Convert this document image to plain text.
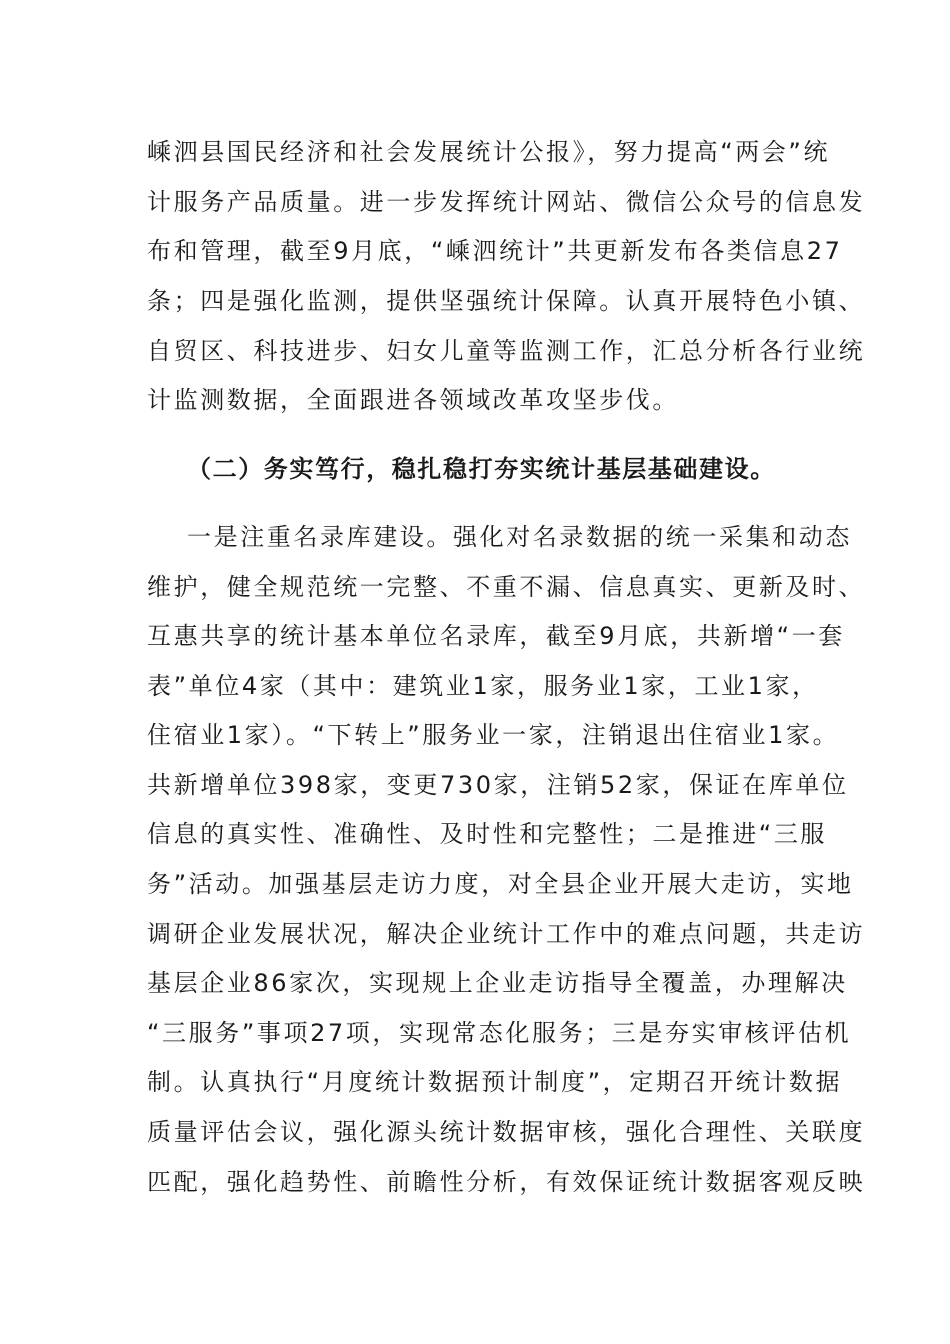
嵊泗县国民经济和社会发展统计公报》，努力提高“两会”统
计服务产品质量。进一步发挥统计网站、微信公众号的信息发
布和管理，截至9月底，“嵊泗统计”共更新发布各类信息27
条；四是强化监测，提供坚强统计保障。认真开展特色小镇、
自贸区、科技进步、妇女儿童等监测工作，汇总分析各行业统
计监测数据，全面跟进各领域改革攻坚步伐。
（二）务实笃行，稳扎稳打夯实统计基层基础建设。
一是注重名录库建设。强化对名录数据的统一采集和动态
维护，健全规范统一完整、不重不漏、信息真实、更新及时、
互惠共享的统计基本单位名录库，截至9月底，共新增“一套
表”单位4家（其中：建筑业1家，服务业1家，工业1家，
住宿业1家）。“下转上”服务业一家，注销退出住宿业1家。
共新增单位398家，变更730家，注销52家，保证在库单位
信息的真实性、准确性、及时性和完整性；二是推进“三服
务”活动。加强基层走访力度，对全县企业开展大走访，实地
调研企业发展状况，解决企业统计工作中的难点问题，共走访
基层企业86家次，实现规上企业走访指导全覆盖，办理解决
“三服务”事项27项，实现常态化服务；三是夯实审核评估机
制。认真执行“月度统计数据预计制度”，定期召开统计数据
质量评估会议，强化源头统计数据审核，强化合理性、关联度
匹配，强化趋势性、前瞻性分析，有效保证统计数据客观反映
